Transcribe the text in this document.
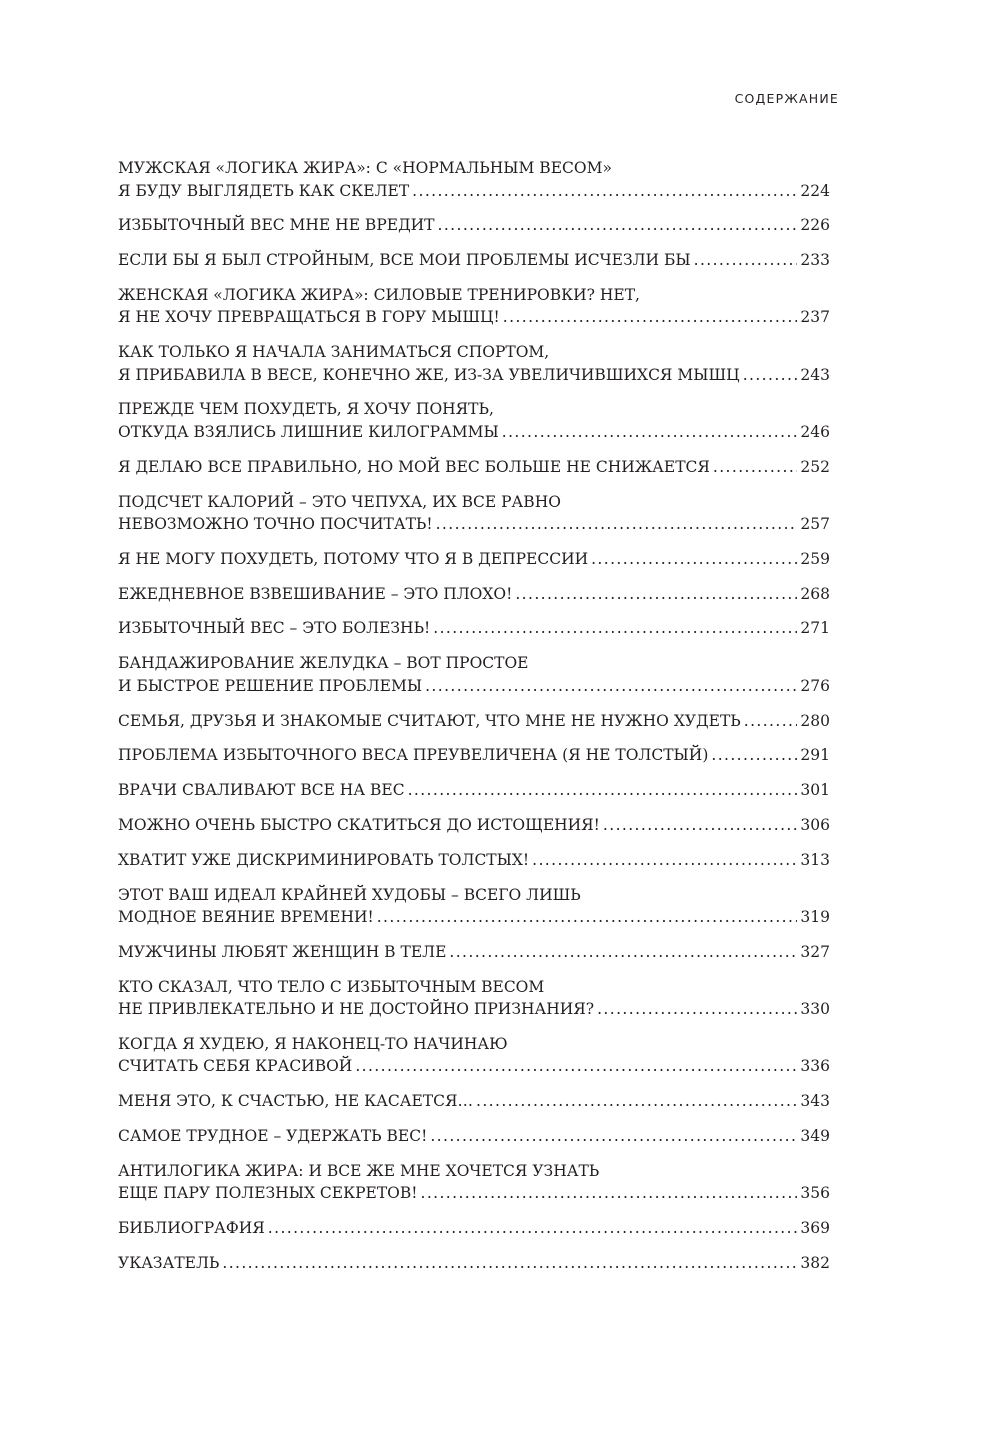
СОДЕРЖАНИЕ
МУЖСКАЯ «ЛОГИКА ЖИРА»: С «НОРМАЛЬНЫМ ВЕСОМ»
Я БУДУ ВЫГЛЯДЕТЬ КАК СКЕЛЕТ .....	224
ИЗБЫТОЧНЫЙ ВЕС МНЕ НЕ ВРЕДИТ .....	226
ЕСЛИ БЫ Я БЫЛ СТРОЙНЫМ, ВСЕ МОИ ПРОБЛЕМЫ ИСЧЕЗЛИ БЫ .....	233
ЖЕНСКАЯ «ЛОГИКА ЖИРА»: СИЛОВЫЕ ТРЕНИРОВКИ? НЕТ,
Я НЕ ХОЧУ ПРЕВРАЩАТЬСЯ В ГОРУ МЫШЦ! .....	237
КАК ТОЛЬКО Я НАЧАЛА ЗАНИМАТЬСЯ СПОРТОМ,
Я ПРИБАВИЛА В ВЕСЕ, КОНЕЧНО ЖЕ, ИЗ-ЗА УВЕЛИЧИВШИХСЯ МЫШЦ .....	243
ПРЕЖДЕ ЧЕМ ПОХУДЕТЬ, Я ХОЧУ ПОНЯТЬ,
ОТКУДА ВЗЯЛИСЬ ЛИШНИЕ КИЛОГРАММЫ .....	246
Я ДЕЛАЮ ВСЕ ПРАВИЛЬНО, НО МОЙ ВЕС БОЛЬШЕ НЕ СНИЖАЕТСЯ .....	252
ПОДСЧЕТ КАЛОРИЙ – ЭТО ЧЕПУХА, ИХ ВСЕ РАВНО
НЕВОЗМОЖНО ТОЧНО ПОСЧИТАТЬ! .....	257
Я НЕ МОГУ ПОХУДЕТЬ, ПОТОМУ ЧТО Я В ДЕПРЕССИИ .....	259
ЕЖЕДНЕВНОЕ ВЗВЕШИВАНИЕ – ЭТО ПЛОХО! .....	268
ИЗБЫТОЧНЫЙ ВЕС – ЭТО БОЛЕЗНЬ! .....	271
БАНДАЖИРОВАНИЕ ЖЕЛУДКА – ВОТ ПРОСТОЕ
И БЫСТРОЕ РЕШЕНИЕ ПРОБЛЕМЫ .....	276
СЕМЬЯ, ДРУЗЬЯ И ЗНАКОМЫЕ СЧИТАЮТ, ЧТО МНЕ НЕ НУЖНО ХУДЕТЬ .....	280
ПРОБЛЕМА ИЗБЫТОЧНОГО ВЕСА ПРЕУВЕЛИЧЕНА (Я НЕ ТОЛСТЫЙ) .....	291
ВРАЧИ СВАЛИВАЮТ ВСЕ НА ВЕС .....	301
МОЖНО ОЧЕНЬ БЫСТРО СКАТИТЬСЯ ДО ИСТОЩЕНИЯ! .....	306
ХВАТИТ УЖЕ ДИСКРИМИНИРОВАТЬ ТОЛСТЫХ! .....	313
ЭТОТ ВАШ ИДЕАЛ КРАЙНЕЙ ХУДОБЫ – ВСЕГО ЛИШЬ
МОДНОЕ ВЕЯНИЕ ВРЕМЕНИ! .....	319
МУЖЧИНЫ ЛЮБЯТ ЖЕНЩИН В ТЕЛЕ .....	327
КТО СКАЗАЛ, ЧТО ТЕЛО С ИЗБЫТОЧНЫМ ВЕСОМ
НЕ ПРИВЛЕКАТЕЛЬНО И НЕ ДОСТОЙНО ПРИЗНАНИЯ? .....	330
КОГДА Я ХУДЕЮ, Я НАКОНЕЦ-ТО НАЧИНАЮ
СЧИТАТЬ СЕБЯ КРАСИВОЙ .....	336
МЕНЯ ЭТО, К СЧАСТЬЮ, НЕ КАСАЕТСЯ… .....	343
САМОЕ ТРУДНОЕ – УДЕРЖАТЬ ВЕС! .....	349
АНТИЛОГИКА ЖИРА: И ВСЕ ЖЕ МНЕ ХОЧЕТСЯ УЗНАТЬ
ЕЩЕ ПАРУ ПОЛЕЗНЫХ СЕКРЕТОВ! .....	356
БИБЛИОГРАФИЯ .....	369
УКАЗАТЕЛЬ .....	382
